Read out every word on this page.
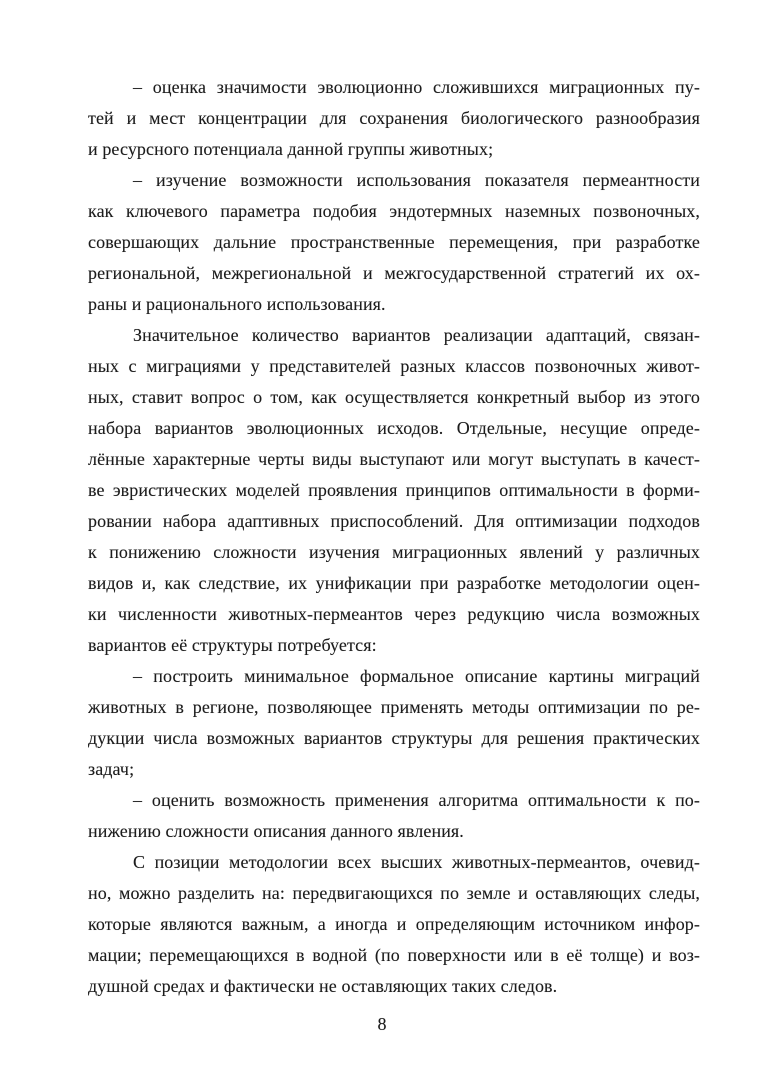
– оценка значимости эволюционно сложившихся миграционных пу-
тей и мест концентрации для сохранения биологического разнообразия
и ресурсного потенциала данной группы животных;
– изучение возможности использования показателя пермеантности
как ключевого параметра подобия эндотермных наземных позвоночных,
совершающих дальние пространственные перемещения, при разработке
региональной, межрегиональной и межгосударственной стратегий их ох-
раны и рационального использования.
Значительное количество вариантов реализации адаптаций, связан-
ных с миграциями у представителей разных классов позвоночных живот-
ных, ставит вопрос о том, как осуществляется конкретный выбор из этого
набора вариантов эволюционных исходов. Отдельные, несущие опреде-
лённые характерные черты виды выступают или могут выступать в качест-
ве эвристических моделей проявления принципов оптимальности в форми-
ровании набора адаптивных приспособлений. Для оптимизации подходов
к понижению сложности изучения миграционных явлений у различных
видов и, как следствие, их унификации при разработке методологии оцен-
ки численности животных-пермеантов через редукцию числа возможных
вариантов её структуры потребуется:
– построить минимальное формальное описание картины миграций
животных в регионе, позволяющее применять методы оптимизации по ре-
дукции числа возможных вариантов структуры для решения практических
задач;
– оценить возможность применения алгоритма оптимальности к по-
нижению сложности описания данного явления.
С позиции методологии всех высших животных-пермеантов, очевид-
но, можно разделить на: передвигающихся по земле и оставляющих следы,
которые являются важным, а иногда и определяющим источником инфор-
мации; перемещающихся в водной (по поверхности или в её толще) и воз-
душной средах и фактически не оставляющих таких следов.
8
